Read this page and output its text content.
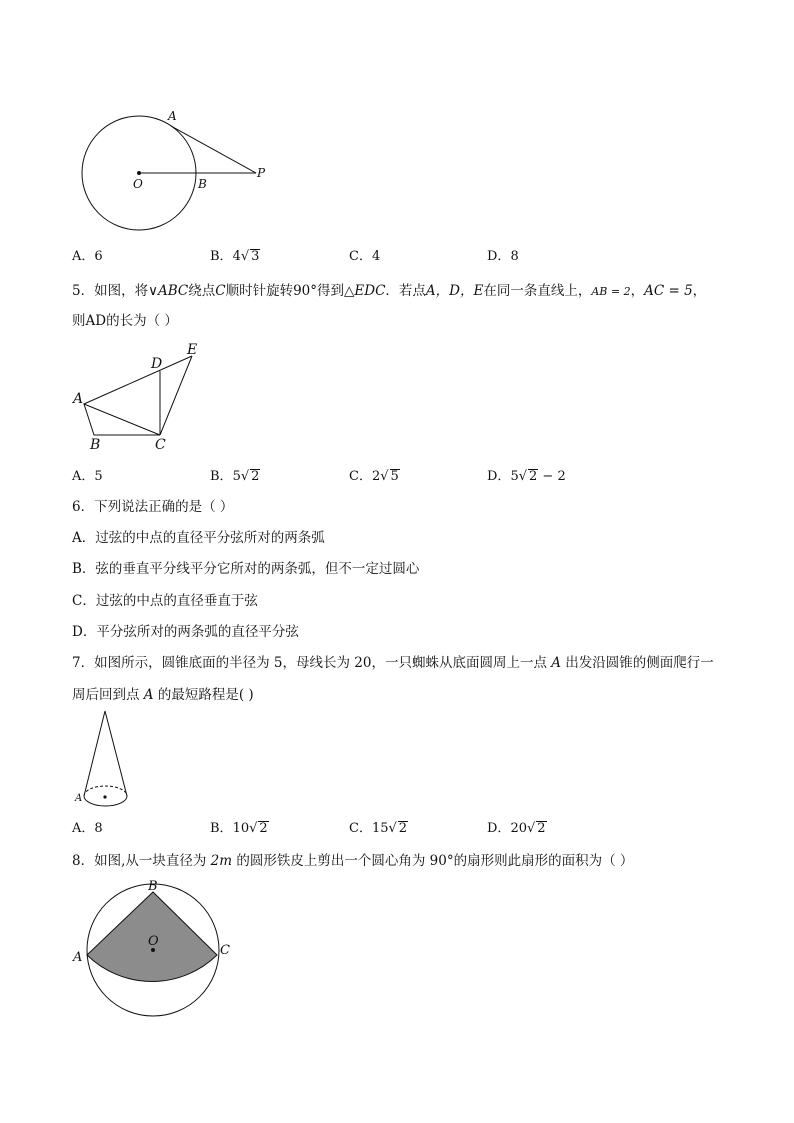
A
O	B
P
A．6	B．4√ 3	C．4	D．8
5．如图，将∨ABC绕点C顺时针旋转90°得到△EDC．若点A，D，E在同一条直线上，AB = 2，AC = 5，
则AD的长为（ ）
A
B	C
D
E
A．5	B．5√ 2	C．2√ 5	D．5√ 2 − 2
6．下列说法正确的是（ ）
A．过弦的中点的直径平分弦所对的两条弧
B．弦的垂直平分线平分它所对的两条弧，但不一定过圆心
C．过弦的中点的直径垂直于弦
D．平分弦所对的两条弧的直径平分弦
7．如图所示，圆锥底面的半径为 5，母线长为 20，一只蜘蛛从底面圆周上一点 A 出发沿圆锥的侧面爬行一
周后回到点 A 的最短路程是( )
A
A．8	B．10√ 2	C．15√ 2	D．20√ 2
8．如图,从一块直径为 2m 的圆形铁皮上剪出一个圆心角为 90°的扇形则此扇形的面积为（ ）
B
A	C
O
